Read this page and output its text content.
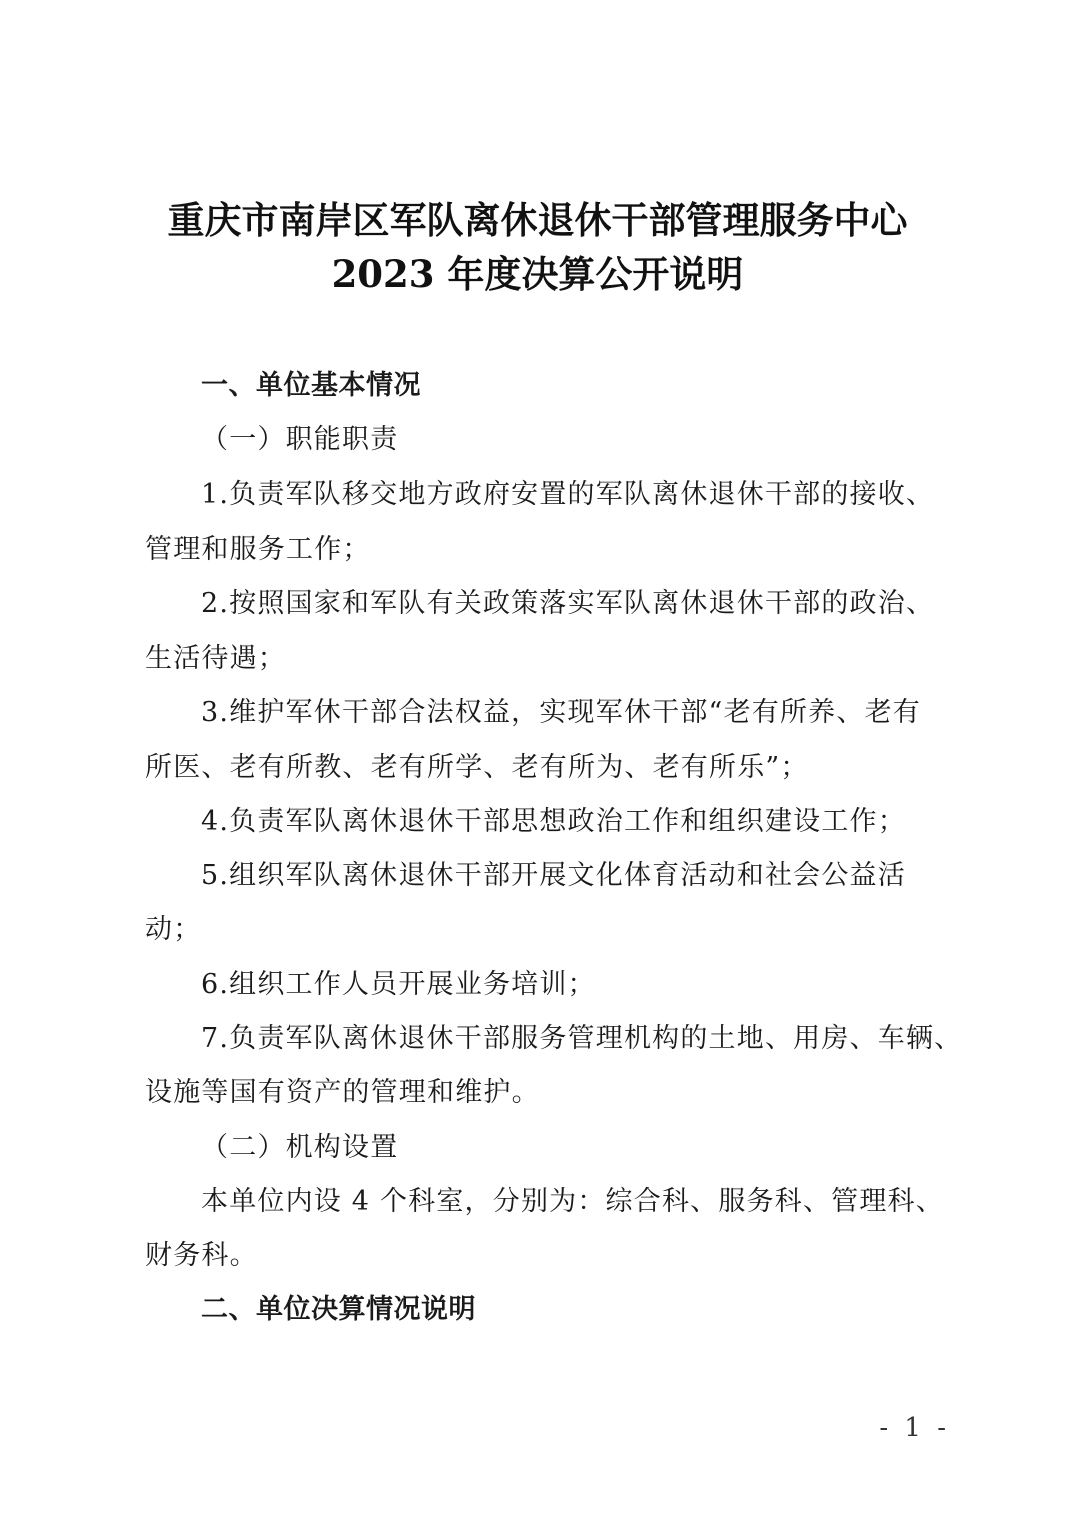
重庆市南岸区军队离休退休干部管理服务中心
2023 年度决算公开说明
一、单位基本情况
（一）职能职责
1.负责军队移交地方政府安置的军队离休退休干部的接收、
管理和服务工作；
2.按照国家和军队有关政策落实军队离休退休干部的政治、
生活待遇；
3.维护军休干部合法权益，实现军休干部“老有所养、老有
所医、老有所教、老有所学、老有所为、老有所乐”；
4.负责军队离休退休干部思想政治工作和组织建设工作；
5.组织军队离休退休干部开展文化体育活动和社会公益活
动；
6.组织工作人员开展业务培训；
7.负责军队离休退休干部服务管理机构的土地、用房、车辆、
设施等国有资产的管理和维护。
（二）机构设置
本单位内设 4 个科室，分别为：综合科、服务科、管理科、
财务科。
二、单位决算情况说明
- 1 -
